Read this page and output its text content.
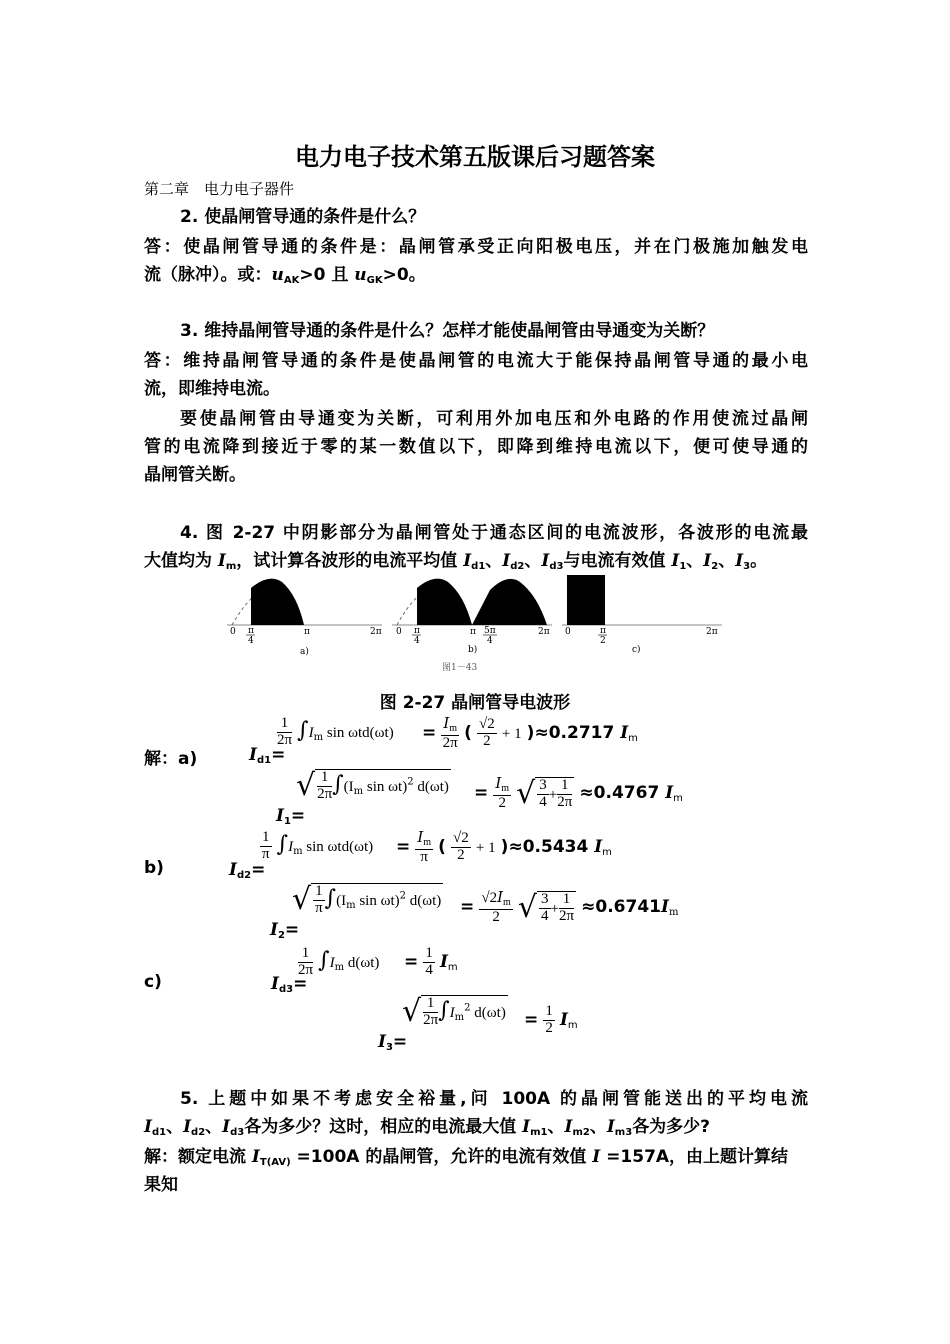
电力电子技术第五版课后习题答案
第二章　电力电子器件
2. 使晶闸管导通的条件是什么？
答：使晶闸管导通的条件是：晶闸管承受正向阳极电压，并在门极施加触发电
流（脉冲）。或：$u_{AK}>0$ 且 $u_{GK}>0$。
3. 维持晶闸管导通的条件是什么？怎样才能使晶闸管由导通变为关断？
答：维持晶闸管导通的条件是使晶闸管的电流大于能保持晶闸管导通的最小电
流，即维持电流。
要使晶闸管由导通变为关断，可利用外加电压和外电路的作用使流过晶闸
管的电流降到接近于零的某一数值以下，即降到维持电流以下，便可使导通的
晶闸管关断。
4. 图 2-27 中阴影部分为晶闸管处于通态区间的电流波形，各波形的电流最
大值均为 $I_m$，试计算各波形的电流平均值 $I_{d1}$、$I_{d2}$、$I_{d3}$与电流有效值 $I_1$、$I_2$、$I_3$。
0 π
4
π	2π
a)
0 π
4
π 5π
4
2π
b)
0	π
2
2π
c)
图1－43
图 2-27 晶闸管导电波形
解：a)	$I_{d1}=$
$\frac{1}{2\pi} \int I_m$ $\sin \omega td(\omega t) = \frac{I_m}{2\pi}$ ( $\frac{√2}{2} + 1$ )≈0.2717 $I_m$
$I_1=$
√ $\frac{1}{2\pi} \int(I_m$ sin ωt)$^2$ $d(\omega t) = \frac{I_m}{2}$ √ $\frac{3}{4} + \frac{1}{2\pi} \approx 0.4767$ $I_m$
b)	$I_{d2}=$
$\frac{1}{\pi} \int I_m$ $\sin \omega td(\omega t) = \frac{I_m}{\pi}$ ( $\frac{√2}{2} + 1$ )≈0.5434 $I_m$
$I_2=$
√ $\frac{1}{\pi} \int(I_m$ sin ωt)$^2$ $d(\omega t) = \frac{√2I_m}{2}$ √ $\frac{3}{4} + \frac{1}{2\pi} \approx 0.6741I_m$
c)	$I_{d3}=$
$\frac{1}{2\pi} \int I_m$ $d(\omega t) = \frac{1}{4} I_m$
$I_3=$
√ $\frac{1}{2\pi} \int I_m^2$ $d(\omega t) = \frac{1}{2} I_m$
5. 上题中如果不考虑安全裕量,问 100A 的晶闸管能送出的平均电流
$I_{d1}$、$I_{d2}$、$I_{d3}$各为多少？这时，相应的电流最大值 $I_{m1}$、$I_{m2}$、$I_{m3}$各为多少?
解：额定电流 $I_{T(AV)} =100A$ 的晶闸管，允许的电流有效值 I =157A，由上题计算结
果知
